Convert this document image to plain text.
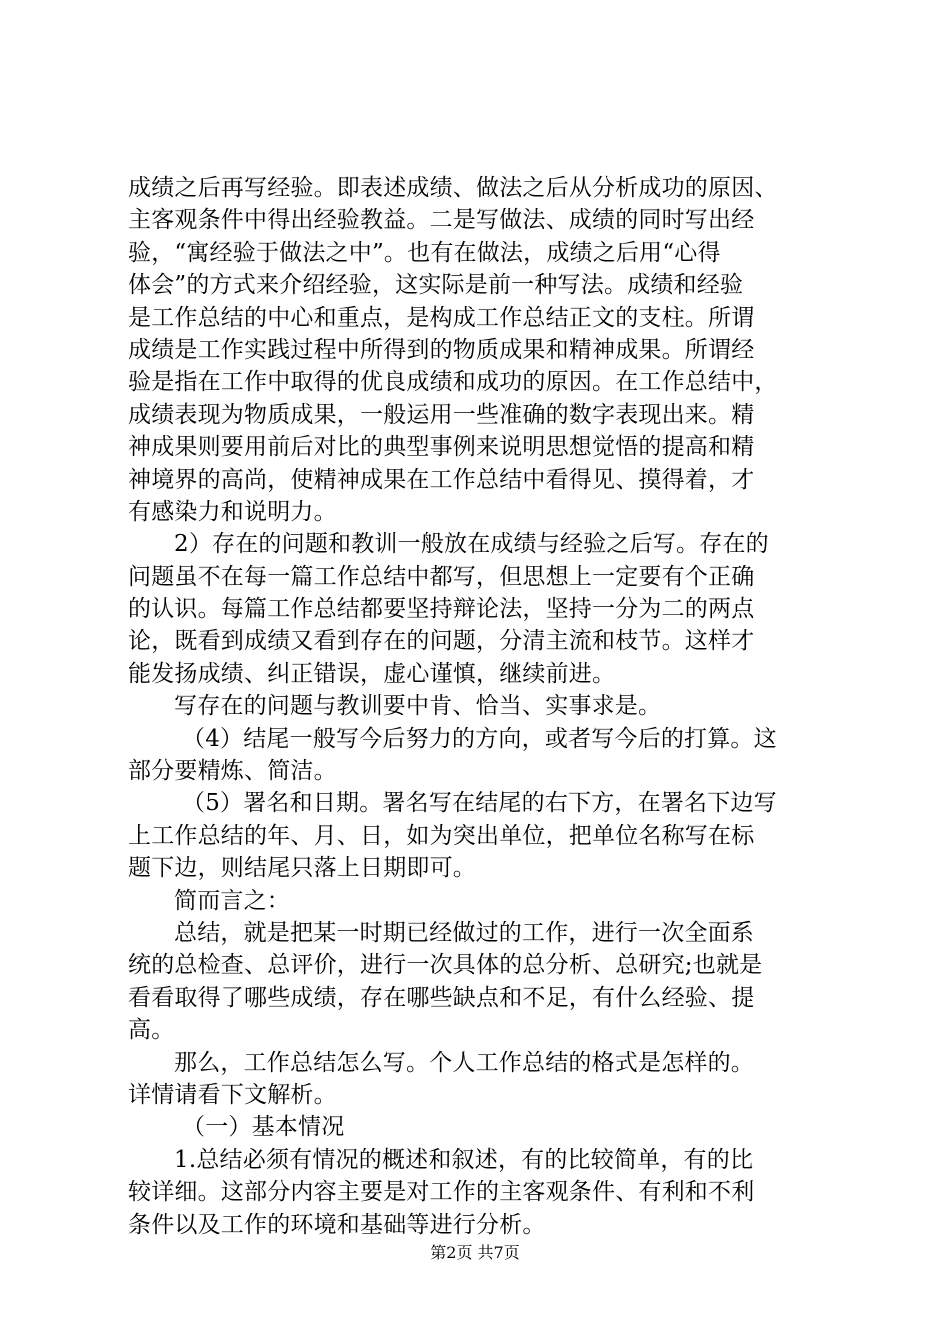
成绩之后再写经验。即表述成绩、做法之后从分析成功的原因、
主客观条件中得出经验教益。二是写做法、成绩的同时写出经
验，“寓经验于做法之中”。也有在做法，成绩之后用“心得
体会”的方式来介绍经验，这实际是前一种写法。成绩和经验
是工作总结的中心和重点，是构成工作总结正文的支柱。所谓
成绩是工作实践过程中所得到的物质成果和精神成果。所谓经
验是指在工作中取得的优良成绩和成功的原因。在工作总结中，
成绩表现为物质成果，一般运用一些准确的数字表现出来。精
神成果则要用前后对比的典型事例来说明思想觉悟的提高和精
神境界的高尚，使精神成果在工作总结中看得见、摸得着，才
有感染力和说明力。
2）存在的问题和教训一般放在成绩与经验之后写。存在的
问题虽不在每一篇工作总结中都写，但思想上一定要有个正确
的认识。每篇工作总结都要坚持辩论法，坚持一分为二的两点
论，既看到成绩又看到存在的问题，分清主流和枝节。这样才
能发扬成绩、纠正错误，虚心谨慎，继续前进。
写存在的问题与教训要中肯、恰当、实事求是。
（4）结尾一般写今后努力的方向，或者写今后的打算。这
部分要精炼、简洁。
（5）署名和日期。署名写在结尾的右下方，在署名下边写
上工作总结的年、月、日，如为突出单位，把单位名称写在标
题下边，则结尾只落上日期即可。
简而言之：
总结，就是把某一时期已经做过的工作，进行一次全面系
统的总检查、总评价，进行一次具体的总分析、总研究;也就是
看看取得了哪些成绩，存在哪些缺点和不足，有什么经验、提
高。
那么，工作总结怎么写。个人工作总结的格式是怎样的。
详情请看下文解析。
（一）基本情况
1.总结必须有情况的概述和叙述，有的比较简单，有的比
较详细。这部分内容主要是对工作的主客观条件、有利和不利
条件以及工作的环境和基础等进行分析。
第2页 共7页
